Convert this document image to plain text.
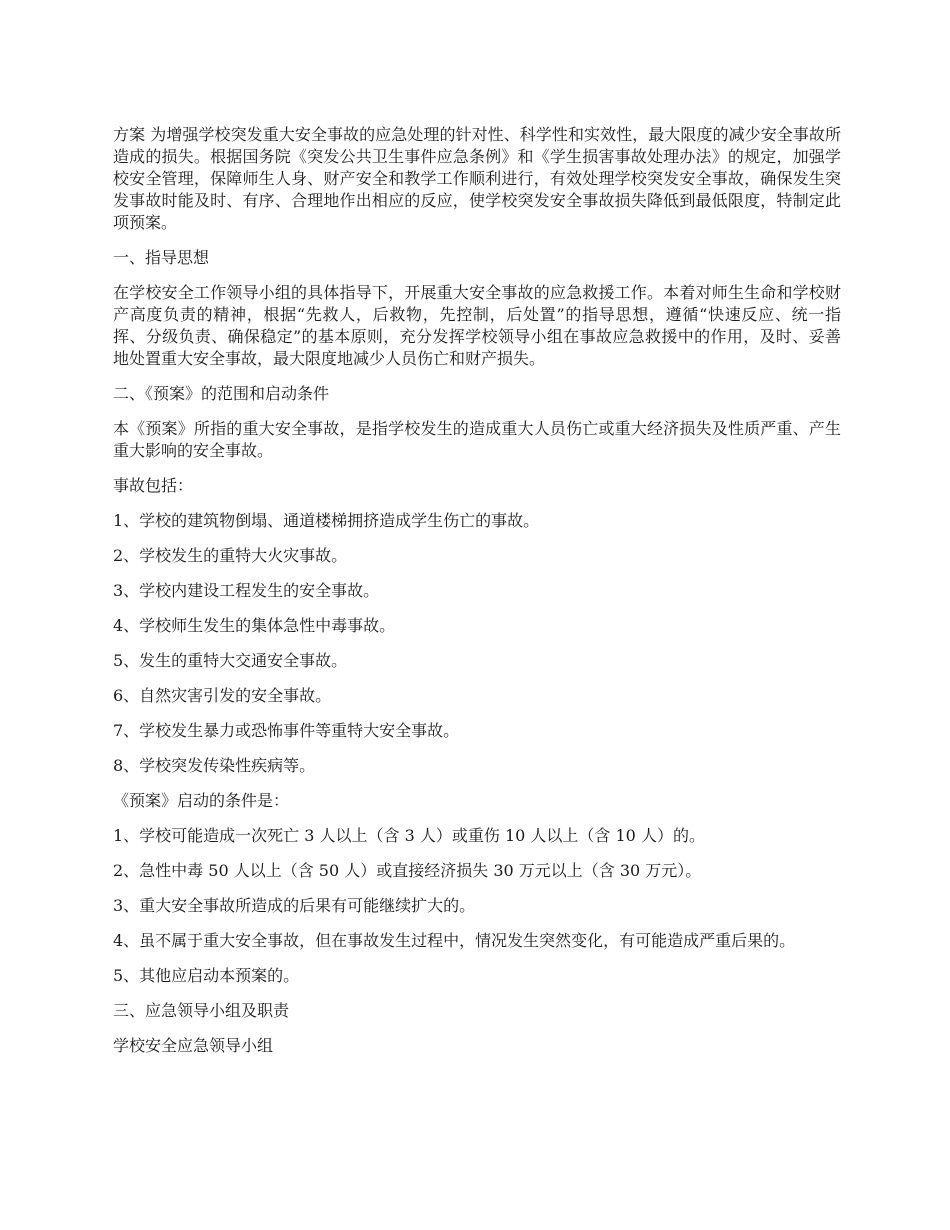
方案 为增强学校突发重大安全事故的应急处理的针对性、科学性和实效性，最大限度的减少安全事故所造成的损失。根据国务院《突发公共卫生事件应急条例》和《学生损害事故处理办法》的规定，加强学校安全管理，保障师生人身、财产安全和教学工作顺利进行，有效处理学校突发安全事故，确保发生突发事故时能及时、有序、合理地作出相应的反应，使学校突发安全事故损失降低到最低限度，特制定此项预案。

一、指导思想

在学校安全工作领导小组的具体指导下，开展重大安全事故的应急救援工作。本着对师生生命和学校财产高度负责的精神，根据“先救人，后救物，先控制，后处置”的指导思想，遵循“快速反应、统一指挥、分级负责、确保稳定”的基本原则，充分发挥学校领导小组在事故应急救援中的作用，及时、妥善地处置重大安全事故，最大限度地减少人员伤亡和财产损失。

二、《预案》的范围和启动条件

本《预案》所指的重大安全事故，是指学校发生的造成重大人员伤亡或重大经济损失及性质严重、产生重大影响的安全事故。

事故包括：

1、学校的建筑物倒塌、通道楼梯拥挤造成学生伤亡的事故。

2、学校发生的重特大火灾事故。

3、学校内建设工程发生的安全事故。

4、学校师生发生的集体急性中毒事故。

5、发生的重特大交通安全事故。

6、自然灾害引发的安全事故。

7、学校发生暴力或恐怖事件等重特大安全事故。

8、学校突发传染性疾病等。

《预案》启动的条件是：

1、学校可能造成一次死亡 3 人以上（含 3 人）或重伤 10 人以上（含 10 人）的。

2、急性中毒 50 人以上（含 50 人）或直接经济损失 30 万元以上（含 30 万元）。

3、重大安全事故所造成的后果有可能继续扩大的。

4、虽不属于重大安全事故，但在事故发生过程中，情况发生突然变化，有可能造成严重后果的。

5、其他应启动本预案的。

三、应急领导小组及职责

学校安全应急领导小组
